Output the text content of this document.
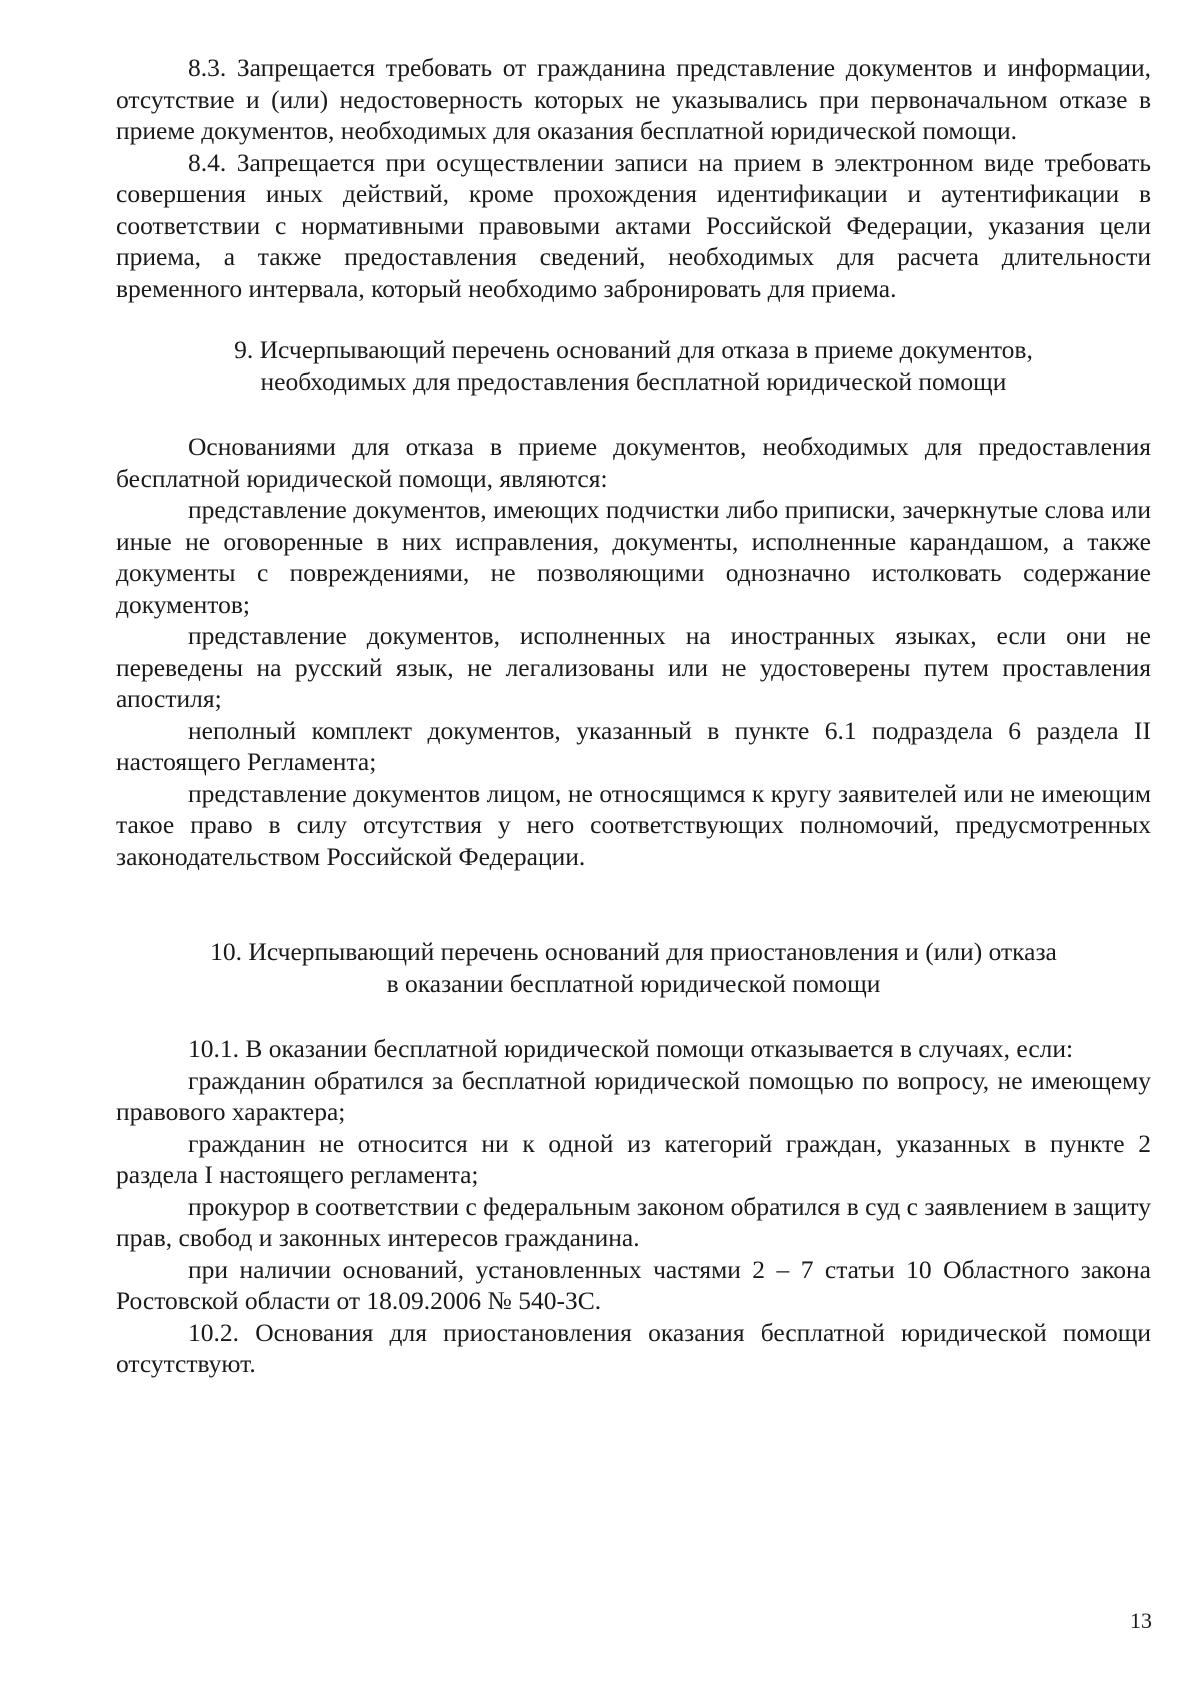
8.3. Запрещается требовать от гражданина представление документов и информации, отсутствие и (или) недостоверность которых не указывались при первоначальном отказе в приеме документов, необходимых для оказания бесплатной юридической помощи.

8.4. Запрещается при осуществлении записи на прием в электронном виде требовать совершения иных действий, кроме прохождения идентификации и аутентификации в соответствии с нормативными правовыми актами Российской Федерации, указания цели приема, а также предоставления сведений, необходимых для расчета длительности временного интервала, который необходимо забронировать для приема.

9. Исчерпывающий перечень оснований для отказа в приеме документов,
необходимых для предоставления бесплатной юридической помощи

Основаниями для отказа в приеме документов, необходимых для предоставления бесплатной юридической помощи, являются:

представление документов, имеющих подчистки либо приписки, зачеркнутые слова или иные не оговоренные в них исправления, документы, исполненные карандашом, а также документы с повреждениями, не позволяющими однозначно истолковать содержание документов;

представление документов, исполненных на иностранных языках, если они не переведены на русский язык, не легализованы или не удостоверены путем проставления апостиля;

неполный комплект документов, указанный в пункте 6.1 подраздела 6 раздела II настоящего Регламента;

представление документов лицом, не относящимся к кругу заявителей или не имеющим такое право в силу отсутствия у него соответствующих полномочий, предусмотренных законодательством Российской Федерации.

10. Исчерпывающий перечень оснований для приостановления и (или) отказа
в оказании бесплатной юридической помощи

10.1. В оказании бесплатной юридической помощи отказывается в случаях, если:

гражданин обратился за бесплатной юридической помощью по вопросу, не имеющему правового характера;

гражданин не относится ни к одной из категорий граждан, указанных в пункте 2 раздела I настоящего регламента;

прокурор в соответствии с федеральным законом обратился в суд с заявлением в защиту прав, свобод и законных интересов гражданина.

при наличии оснований, установленных частями 2 – 7 статьи 10 Областного закона Ростовской области от 18.09.2006 № 540-ЗС.

10.2. Основания для приостановления оказания бесплатной юридической помощи отсутствуют.

13
